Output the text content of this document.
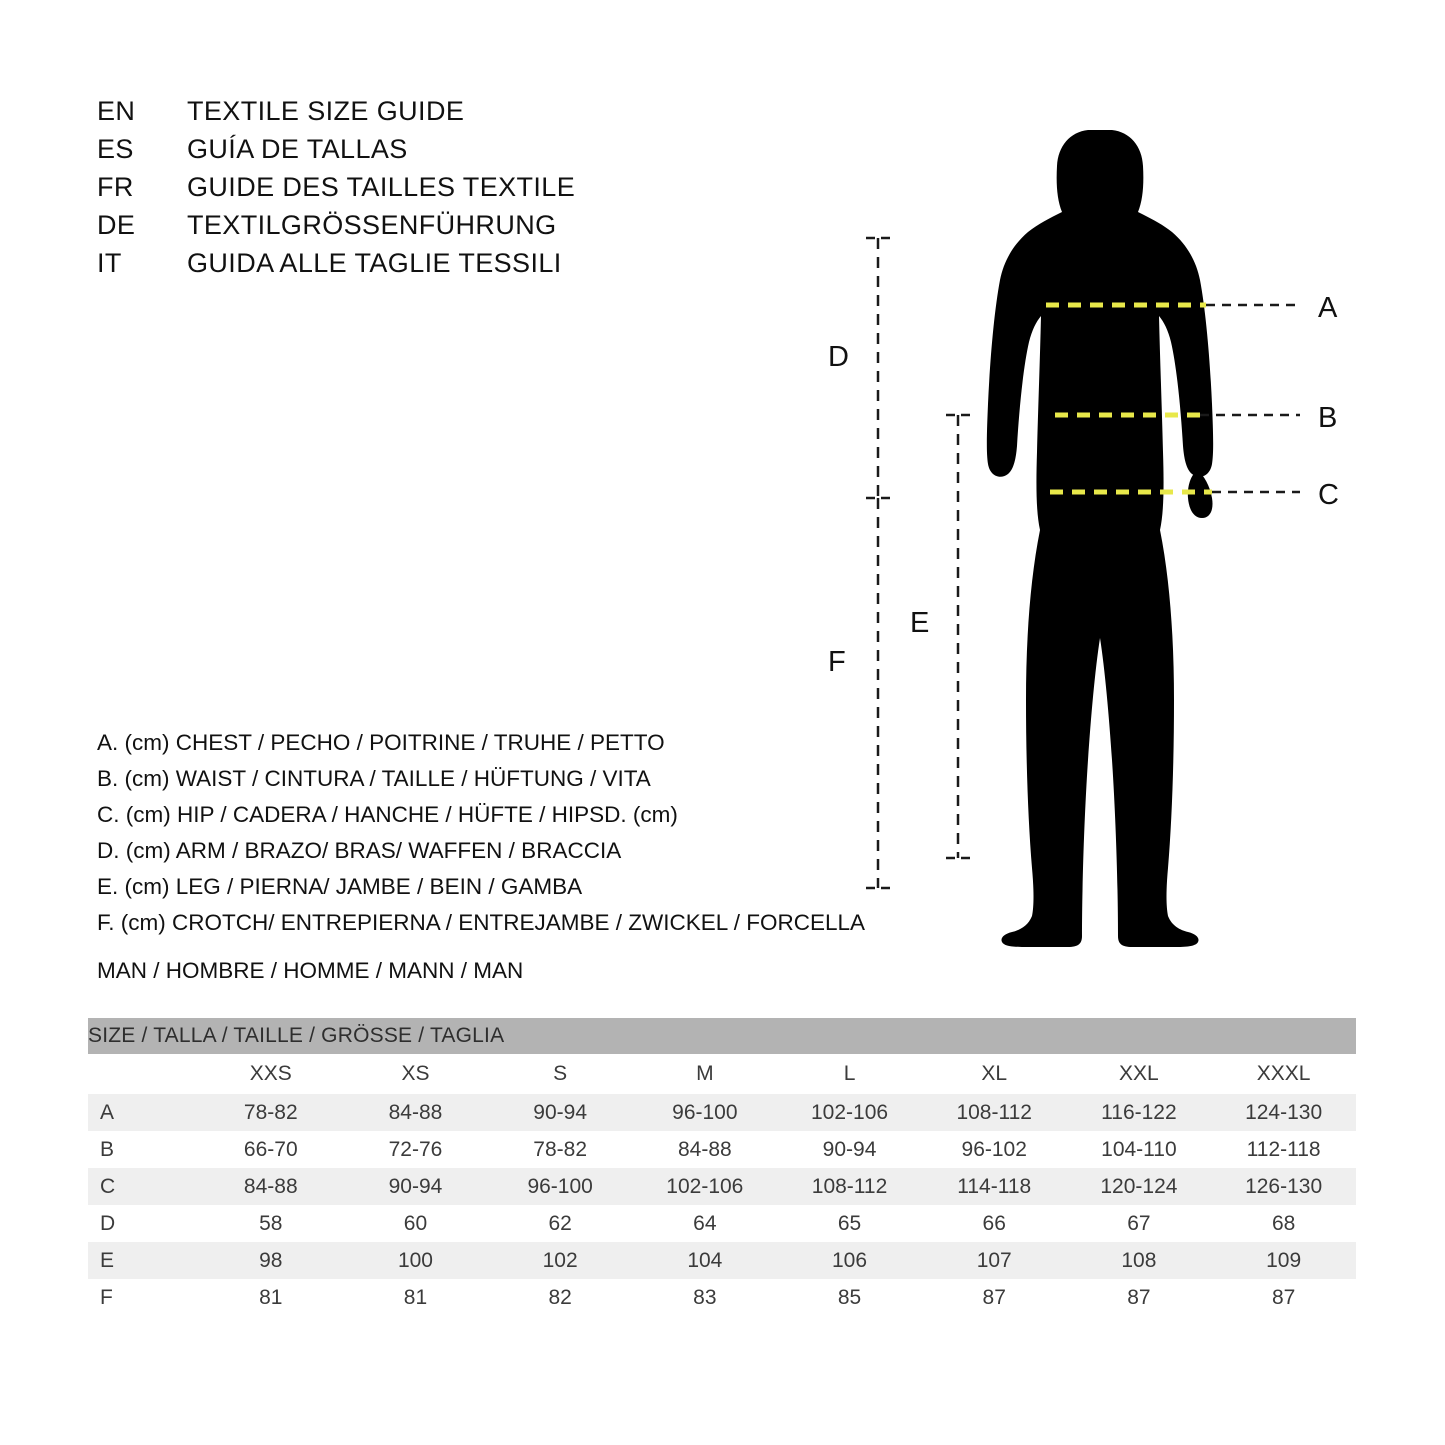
EN	TEXTILE SIZE GUIDE
ES	GUÍA DE TALLAS
FR	GUIDE DES TAILLES TEXTILE
DE	TEXTILGRÖSSENFÜHRUNG
IT	GUIDA ALLE TAGLIE TESSILI
A. (cm) CHEST / PECHO / POITRINE / TRUHE / PETTO
B. (cm) WAIST / CINTURA / TAILLE / HÜFTUNG / VITA
C. (cm) HIP / CADERA / HANCHE / HÜFTE / HIPSD. (cm)
D. (cm) ARM / BRAZO/ BRAS/ WAFFEN / BRACCIA
E. (cm) LEG / PIERNA/ JAMBE / BEIN / GAMBA
F. (cm) CROTCH/ ENTREPIERNA / ENTREJAMBE / ZWICKEL / FORCELLA
MAN / HOMBRE / HOMME / MANN / MAN
A
B
C
D
F
E
SIZE / TALLA / TAILLE / GRÖSSE / TAGLIA								
	XXS	XS	S	M	L	XL	XXL	XXXL
A	78-82	84-88	90-94	96-100	102-106	108-112	116-122	124-130
B	66-70	72-76	78-82	84-88	90-94	96-102	104-110	112-118
C	84-88	90-94	96-100	102-106	108-112	114-118	120-124	126-130
D	58	60	62	64	65	66	67	68
E	98	100	102	104	106	107	108	109
F	81	81	82	83	85	87	87	87
